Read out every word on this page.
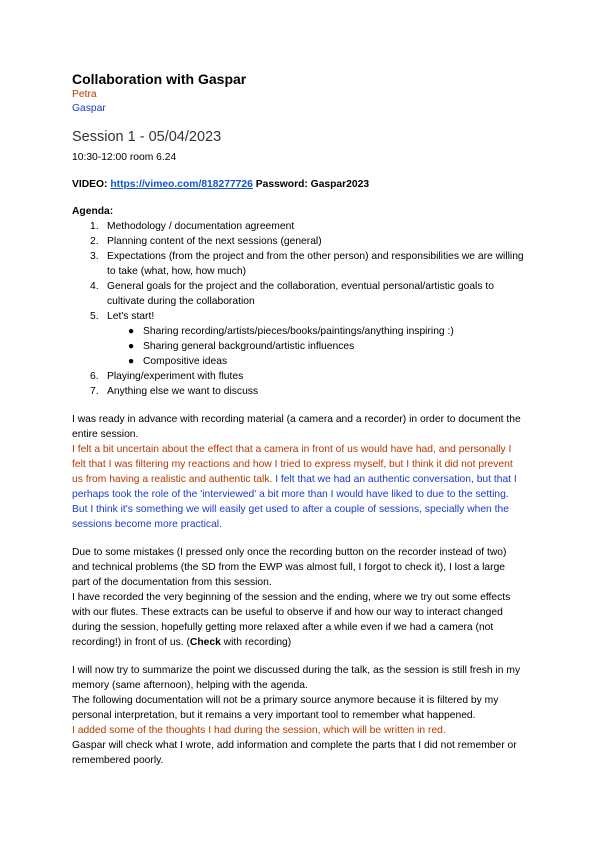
Collaboration with Gaspar
Petra
Gaspar
Session 1 - 05/04/2023

10:30-12:00 room 6.24

VIDEO: https://vimeo.com/818277726 Password: Gaspar2023

Agenda:

1. Methodology / documentation agreement
2. Planning content of the next sessions (general)
3. Expectations (from the project and from the other person) and responsibilities we are willing to take (what, how, how much)
4. General goals for the project and the collaboration, eventual personal/artistic goals to cultivate during the collaboration
5. Let's start!
● Sharing recording/artists/pieces/books/paintings/anything inspiring :)
● Sharing general background/artistic influences
● Compositive ideas
6. Playing/experiment with flutes
7. Anything else we want to discuss

I was ready in advance with recording material (a camera and a recorder) in order to document the entire session.
I felt a bit uncertain about the effect that a camera in front of us would have had, and personally I felt that I was filtering my reactions and how I tried to express myself, but I think it did not prevent us from having a realistic and authentic talk. I felt that we had an authentic conversation, but that I perhaps took the role of the 'interviewed' a bit more than I would have liked to due to the setting. But I think it's something we will easily get used to after a couple of sessions, specially when the sessions become more practical.

Due to some mistakes (I pressed only once the recording button on the recorder instead of two) and technical problems (the SD from the EWP was almost full, I forgot to check it), I lost a large part of the documentation from this session.

I have recorded the very beginning of the session and the ending, where we try out some effects with our flutes. These extracts can be useful to observe if and how our way to interact changed during the session, hopefully getting more relaxed after a while even if we had a camera (not recording!) in front of us. (Check with recording)

I will now try to summarize the point we discussed during the talk, as the session is still fresh in my memory (same afternoon), helping with the agenda.

The following documentation will not be a primary source anymore because it is filtered by my personal interpretation, but it remains a very important tool to remember what happened.

I added some of the thoughts I had during the session, which will be written in red.

Gaspar will check what I wrote, add information and complete the parts that I did not remember or remembered poorly.
